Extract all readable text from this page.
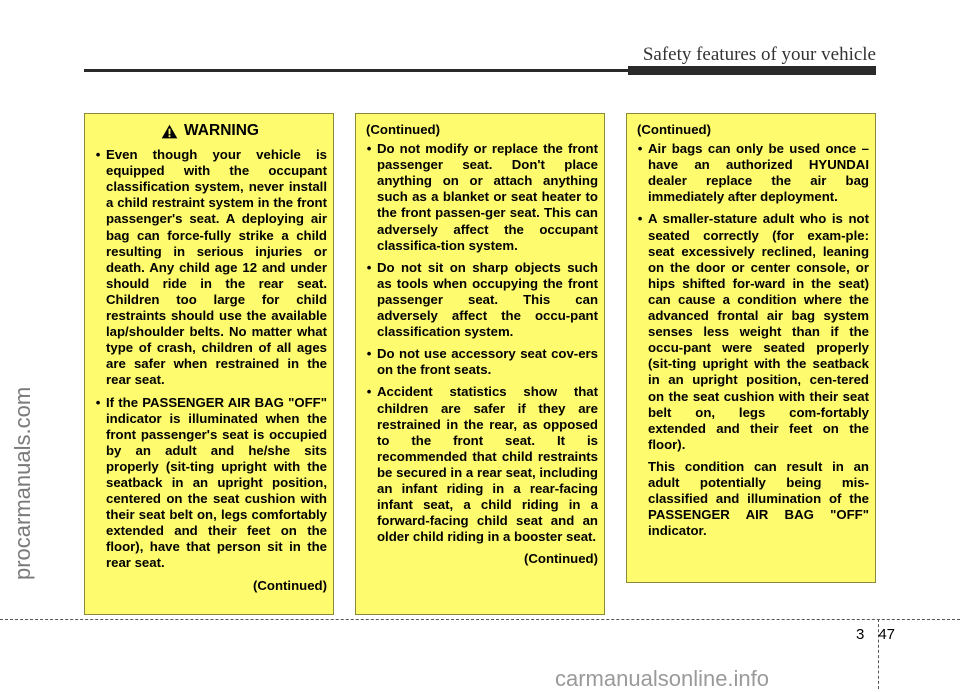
Safety features of your vehicle
procarmanuals.com
WARNING
• Even though your vehicle is equipped with the occupant classification system, never install a child restraint system in the front passenger's seat. A deploying air bag can force-fully strike a child resulting in serious injuries or death. Any child age 12 and under should ride in the rear seat. Children too large for child restraints should use the available lap/shoulder belts. No matter what type of crash, children of all ages are safer when restrained in the rear seat.
• If the PASSENGER AIR BAG "OFF" indicator is illuminated when the front passenger's seat is occupied by an adult and he/she sits properly (sit-ting upright with the seatback in an upright position, centered on the seat cushion with their seat belt on, legs comfortably extended and their feet on the floor), have that person sit in the rear seat.
(Continued)
(Continued)
• Do not modify or replace the front passenger seat. Don't place anything on or attach anything such as a blanket or seat heater to the front passen-ger seat. This can adversely affect the occupant classifica-tion system.
• Do not sit on sharp objects such as tools when occupying the front passenger seat. This can adversely affect the occu-pant classification system.
• Do not use accessory seat cov-ers on the front seats.
• Accident statistics show that children are safer if they are restrained in the rear, as opposed to the front seat. It is recommended that child restraints be secured in a rear seat, including an infant riding in a rear-facing infant seat, a child riding in a forward-facing child seat and an older child riding in a booster seat.
(Continued)
(Continued)
• Air bags can only be used once – have an authorized HYUNDAI dealer replace the air bag immediately after deployment.
• A smaller-stature adult who is not seated correctly (for exam-ple: seat excessively reclined, leaning on the door or center console, or hips shifted for-ward in the seat) can cause a condition where the advanced frontal air bag system senses less weight than if the occu-pant were seated properly (sit-ting upright with the seatback in an upright position, cen-tered on the seat cushion with their seat belt on, legs com-fortably extended and their feet on the floor).
This condition can result in an adult potentially being mis-classified and illumination of the PASSENGER AIR BAG "OFF" indicator.
3 47
carmanualsonline.info
